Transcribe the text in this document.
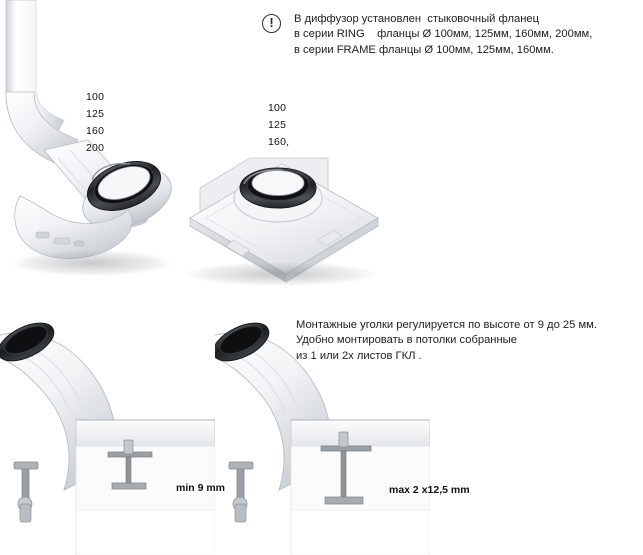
100
125
160
200
100
125
160,
!	В диффузор установлен  стыковочный фланец
в серии RING    фланцы Ø 100мм, 125мм, 160мм, 200мм,
в серии FRAME фланцы Ø 100мм, 125мм, 160мм.
Монтажные уголки регулируется по высоте от 9 до 25 мм.
Удобно монтировать в потолки собранные
из 1 или 2х листов ГКЛ .
min 9 mm	max 2 x12,5 mm
